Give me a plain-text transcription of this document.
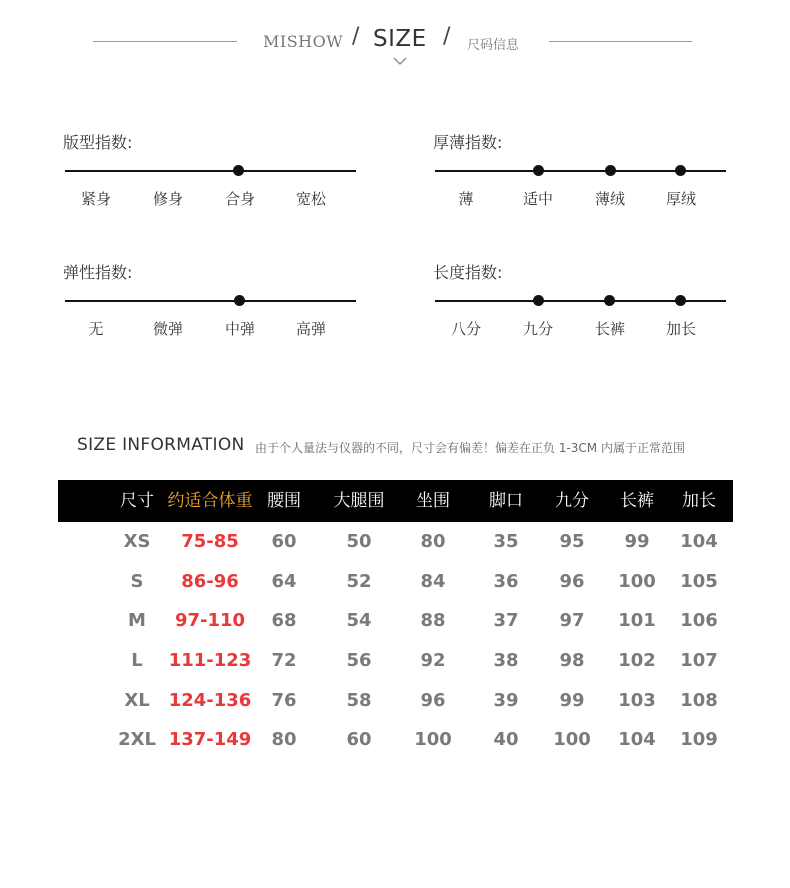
MISHOW / SIZE / 尺码信息
版型指数:
紧身	修身	合身	宽松
厚薄指数:
薄	适中	薄绒	厚绒
弹性指数:
无	微弹	中弹	高弹
长度指数:
八分	九分	长裤	加长
SIZE INFORMATION 由于个人量法与仪器的不同，尺寸会有偏差！偏差在正负 1-3CM 内属于正常范围
尺寸 约适合体重 腰围 大腿围 坐围 脚口 九分 长裤 加长
XS 75-85 60	50	80	35 95 99 104
S 86-96 64	52	84	36 96 100 105
M 97-110 68	54	88	37 97 101 106
L 111-123 72	56	92	38 98 102 107
XL 124-136 76	58	96	39 99 103 108
2XL 137-149 80	60 100 40 100 104 109
